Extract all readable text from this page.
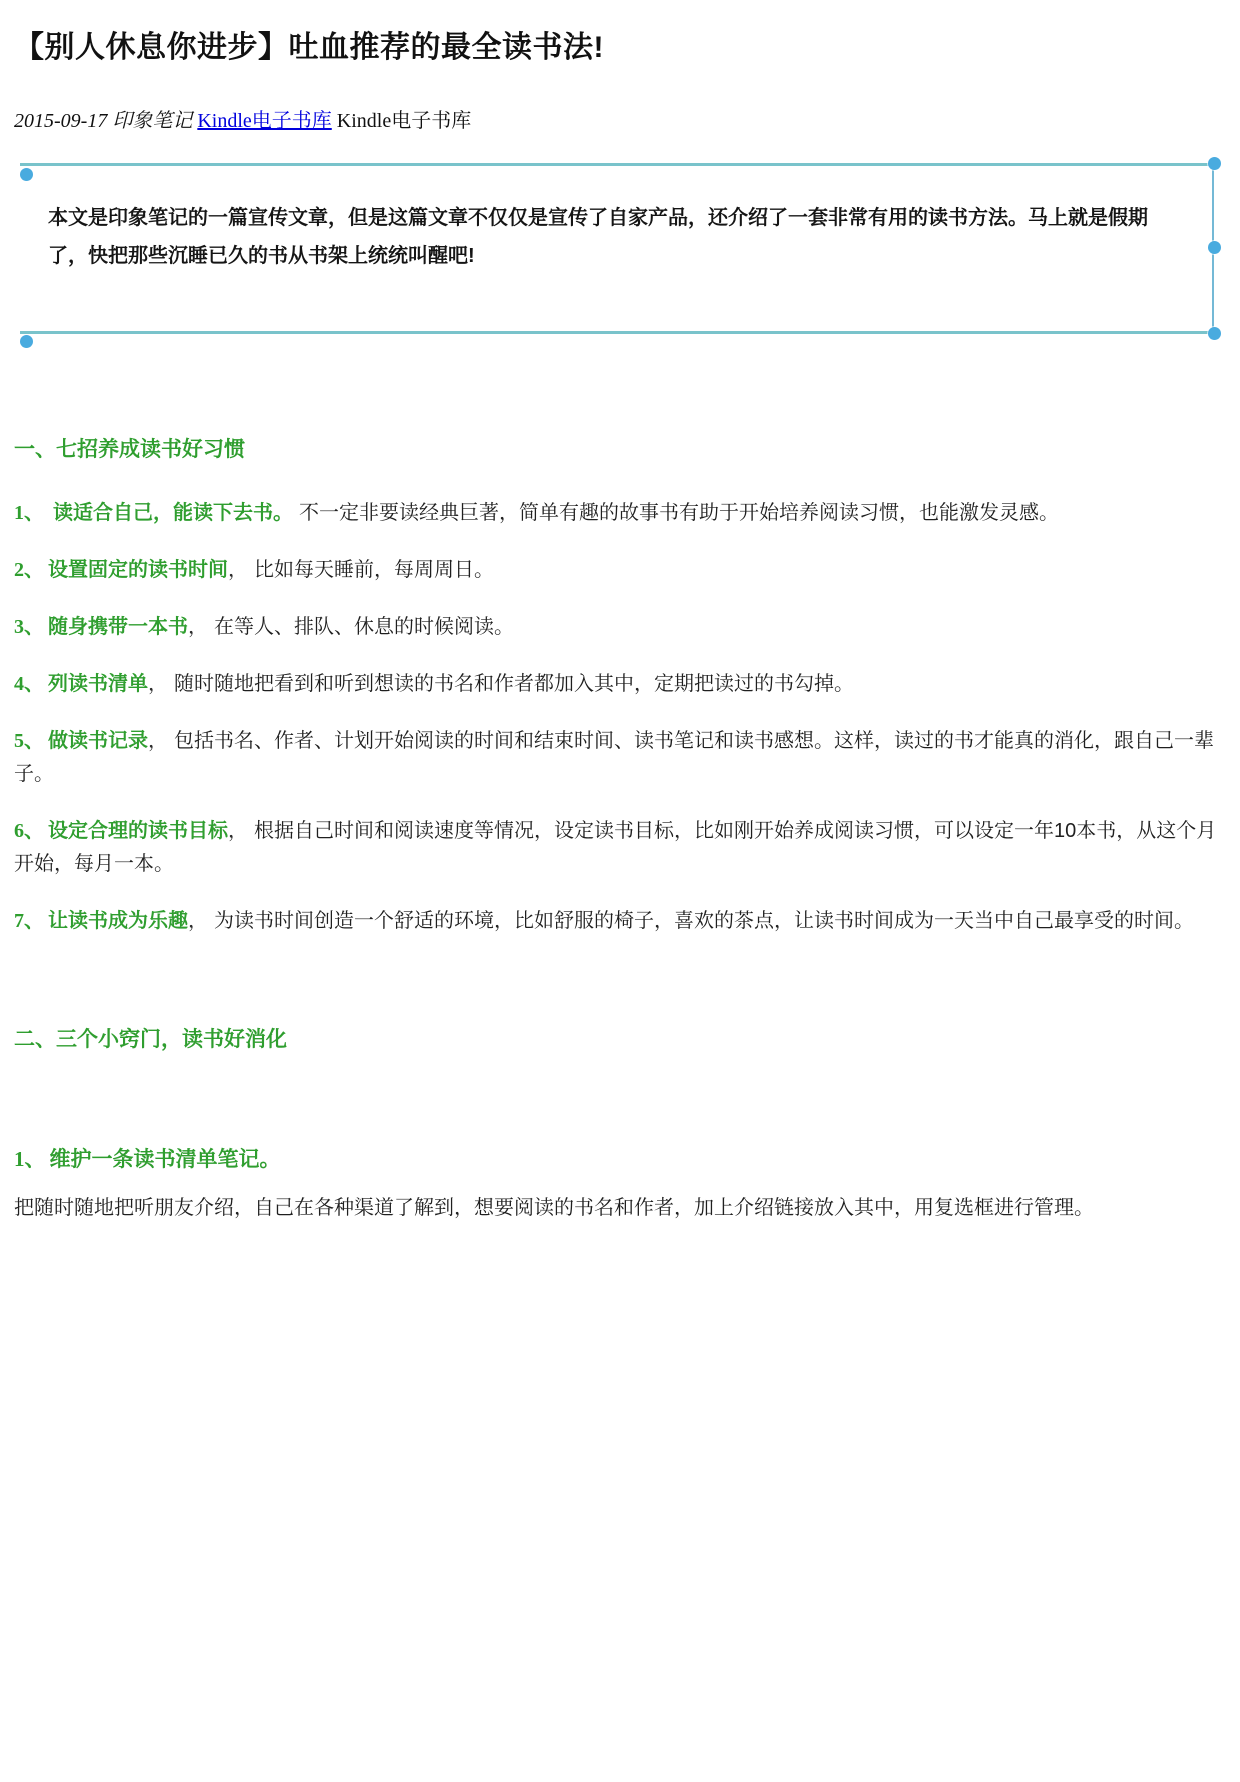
【别人休息你进步】吐血推荐的最全读书法!
2015-09-17 印象笔记 Kindle电子书库 Kindle电子书库
本文是印象笔记的一篇宣传文章，但是这篇文章不仅仅是宣传了自家产品，还介绍了一套非常有用的读书方法。马上就是假期了，快把那些沉睡已久的书从书架上统统叫醒吧!
一、七招养成读书好习惯

1、 读适合自己，能读下去书。 不一定非要读经典巨著，简单有趣的故事书有助于开始培养阅读习惯，也能激发灵感。

2、 设置固定的读书时间， 比如每天睡前，每周周日。

3、 随身携带一本书， 在等人、排队、休息的时候阅读。

4、 列读书清单， 随时随地把看到和听到想读的书名和作者都加入其中，定期把读过的书勾掉。

5、 做读书记录， 包括书名、作者、计划开始阅读的时间和结束时间、读书笔记和读书感想。这样，读过的书才能真的消化，跟自己一辈子。

6、 设定合理的读书目标， 根据自己时间和阅读速度等情况，设定读书目标，比如刚开始养成阅读习惯，可以设定一年10本书，从这个月开始，每月一本。

7、 让读书成为乐趣， 为读书时间创造一个舒适的环境，比如舒服的椅子，喜欢的茶点，让读书时间成为一天当中自己最享受的时间。

二、三个小窍门，读书好消化
1、 维护一条读书清单笔记。

把随时随地把听朋友介绍，自己在各种渠道了解到，想要阅读的书名和作者，加上介绍链接放入其中，用复选框进行管理。
